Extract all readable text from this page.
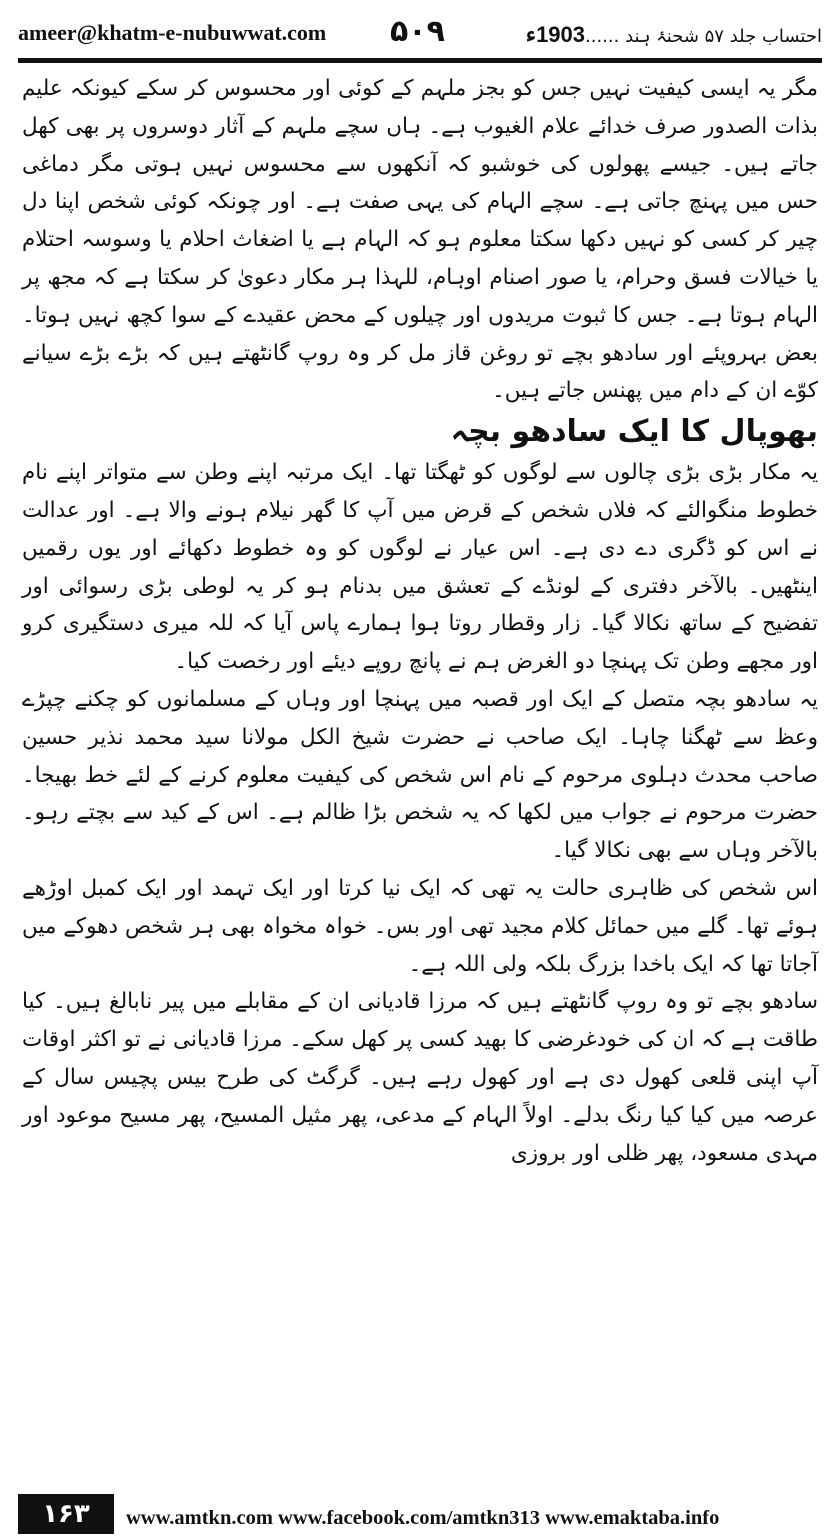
ameer@khatm-e-nubuwwat.com ۵۰۹	احتساب جلد ۵۷ شحنۂ ہند ......1903ء

مگر یہ ایسی کیفیت نہیں جس کو بجز ملہم کے کوئی اور محسوس کر سکے کیونکہ علیم بذات الصدور صرف خدائے علام الغیوب ہے۔ ہاں سچے ملہم کے آثار دوسروں پر بھی کھل جاتے ہیں۔ جیسے پھولوں کی خوشبو کہ آنکھوں سے محسوس نہیں ہوتی مگر دماغی حس میں پہنچ جاتی ہے۔ سچے الہام کی یہی صفت ہے۔ اور چونکہ کوئی شخص اپنا دل چیر کر کسی کو نہیں دکھا سکتا معلوم ہو کہ الہام ہے یا اضغاث احلام یا وسوسہ احتلام یا خیالات فسق وحرام، یا صور اصنام اوہام، للہذا ہر مکار دعویٰ کر سکتا ہے کہ مجھ پر الہام ہوتا ہے۔ جس کا ثبوت مریدوں اور چیلوں کے محض عقیدے کے سوا کچھ نہیں ہوتا۔ بعض بہروپئے اور سادھو بچے تو روغن قاز مل کر وہ روپ گانٹھتے ہیں کہ بڑے بڑے سیانے کوّے ان کے دام میں پھنس جاتے ہیں۔

بھوپال کا ایک سادھو بچہ

یہ مکار بڑی بڑی چالوں سے لوگوں کو ٹھگتا تھا۔ ایک مرتبہ اپنے وطن سے متواتر اپنے نام خطوط منگوالئے کہ فلاں شخص کے قرض میں آپ کا گھر نیلام ہونے والا ہے۔ اور عدالت نے اس کو ڈگری دے دی ہے۔ اس عیار نے لوگوں کو وہ خطوط دکھائے اور یوں رقمیں اینٹھیں۔ بالآخر دفتری کے لونڈے کے تعشق میں بدنام ہو کر یہ لوطی بڑی رسوائی اور تفضیح کے ساتھ نکالا گیا۔ زار وقطار روتا ہوا ہمارے پاس آیا کہ للہ میری دستگیری کرو اور مجھے وطن تک پہنچا دو الغرض ہم نے پانچ روپے دیئے اور رخصت کیا۔

یہ سادھو بچہ متصل کے ایک اور قصبہ میں پہنچا اور وہاں کے مسلمانوں کو چکنے چپڑے وعظ سے ٹھگنا چاہا۔ ایک صاحب نے حضرت شیخ الکل مولانا سید محمد نذیر حسین صاحب محدث دہلوی مرحوم کے نام اس شخص کی کیفیت معلوم کرنے کے لئے خط بھیجا۔ حضرت مرحوم نے جواب میں لکھا کہ یہ شخص بڑا ظالم ہے۔ اس کے کید سے بچتے رہو۔ بالآخر وہاں سے بھی نکالا گیا۔

اس شخص کی ظاہری حالت یہ تھی کہ ایک نیا کرتا اور ایک تہمد اور ایک کمبل اوڑھے ہوئے تھا۔ گلے میں حمائل کلام مجید تھی اور بس۔ خواہ مخواہ بھی ہر شخص دھوکے میں آجاتا تھا کہ ایک باخدا بزرگ بلکہ ولی اللہ ہے۔

سادھو بچے تو وہ روپ گانٹھتے ہیں کہ مرزا قادیانی ان کے مقابلے میں پیر نابالغ ہیں۔ کیا طاقت ہے کہ ان کی خودغرضی کا بھید کسی پر کھل سکے۔ مرزا قادیانی نے تو اکثر اوقات آپ اپنی قلعی کھول دی ہے اور کھول رہے ہیں۔ گرگٹ کی طرح بیس پچیس سال کے عرصہ میں کیا کیا رنگ بدلے۔ اولاً الہام کے مدعی، پھر مثیل المسیح، پھر مسیح موعود اور مہدی مسعود، پھر ظلی اور بروزی

۱۶۳	www.amtkn.com www.facebook.com/amtkn313 www.emaktaba.info
